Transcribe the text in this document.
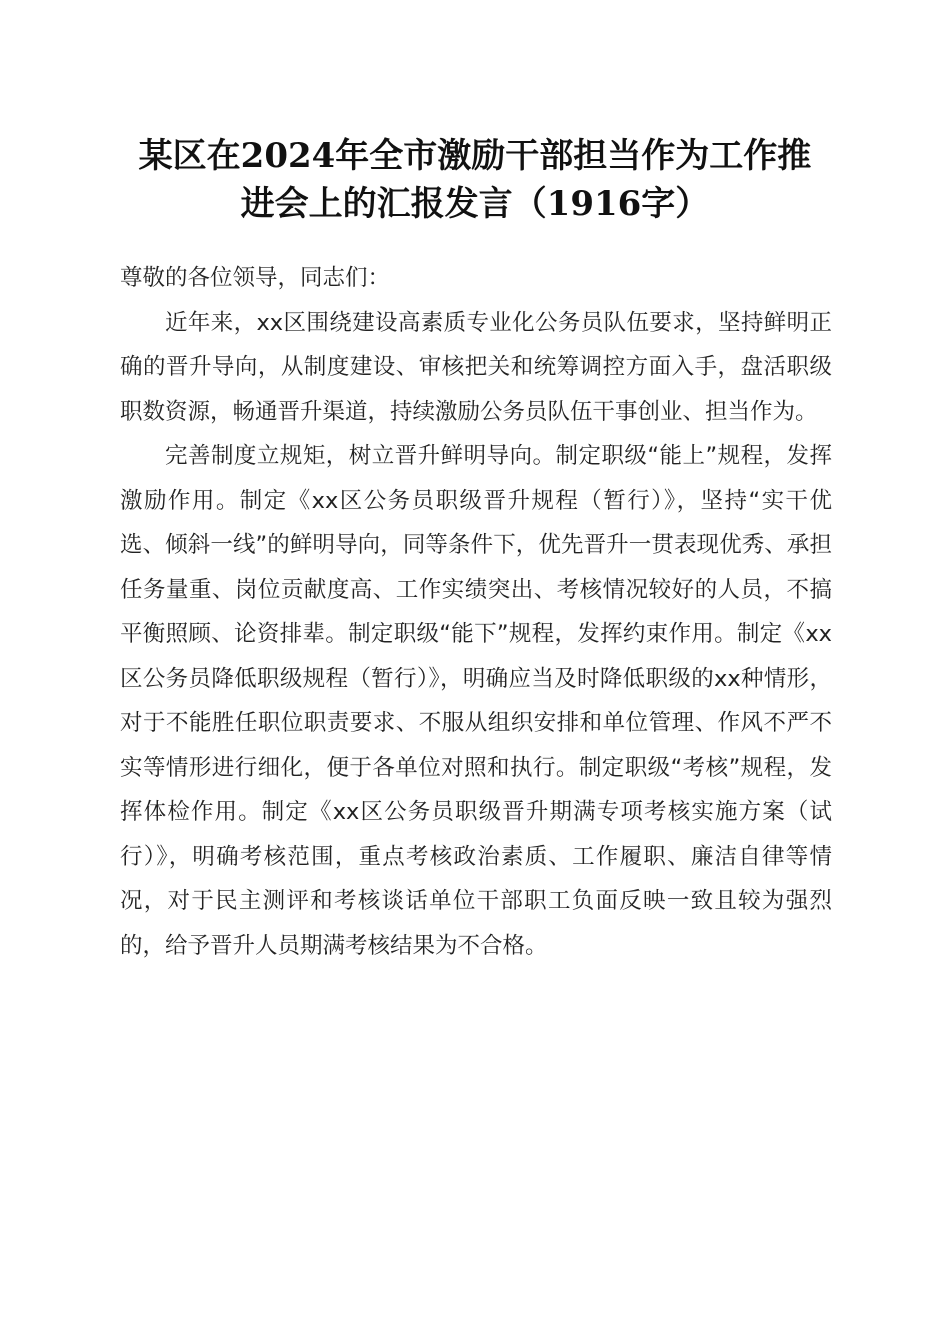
某区在2024年全市激励干部担当作为工作推
进会上的汇报发言（1916字）

尊敬的各位领导，同志们：

近年来，xx区围绕建设高素质专业化公务员队伍要求，坚持鲜明正确的晋升导向，从制度建设、审核把关和统筹调控方面入手，盘活职级职数资源，畅通晋升渠道，持续激励公务员队伍干事创业、担当作为。

完善制度立规矩，树立晋升鲜明导向。制定职级“能上”规程，发挥激励作用。制定《xx区公务员职级晋升规程（暂行）》，坚持“实干优选、倾斜一线”的鲜明导向，同等条件下，优先晋升一贯表现优秀、承担任务量重、岗位贡献度高、工作实绩突出、考核情况较好的人员，不搞平衡照顾、论资排辈。制定职级“能下”规程，发挥约束作用。制定《xx区公务员降低职级规程（暂行）》，明确应当及时降低职级的xx种情形，对于不能胜任职位职责要求、不服从组织安排和单位管理、作风不严不实等情形进行细化，便于各单位对照和执行。制定职级“考核”规程，发挥体检作用。制定《xx区公务员职级晋升期满专项考核实施方案（试行）》，明确考核范围，重点考核政治素质、工作履职、廉洁自律等情况，对于民主测评和考核谈话单位干部职工负面反映一致且较为强烈的，给予晋升人员期满考核结果为不合格。
